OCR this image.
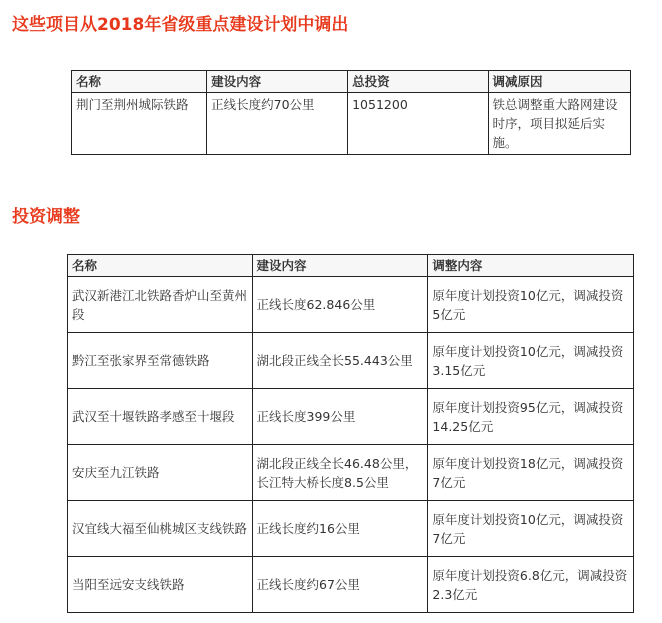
这些项目从2018年省级重点建设计划中调出
名称	建设内容	总投资	调减原因
荆门至荆州城际铁路	正线长度约70公里	1051200	铁总调整重大路网建设时序，项目拟延后实施。
投资调整
名称	建设内容	调整内容
武汉新港江北铁路香炉山至黄州段	正线长度62.846公里	原年度计划投资10亿元，调减投资5亿元
黔江至张家界至常德铁路	湖北段正线全长55.443公里	原年度计划投资10亿元，调减投资3.15亿元
武汉至十堰铁路孝感至十堰段	正线长度399公里	原年度计划投资95亿元，调减投资14.25亿元
安庆至九江铁路	湖北段正线全长46.48公里，长江特大桥长度8.5公里	原年度计划投资18亿元，调减投资7亿元
汉宜线大福至仙桃城区支线铁路	正线长度约16公里	原年度计划投资10亿元，调减投资7亿元
当阳至远安支线铁路	正线长度约67公里	原年度计划投资6.8亿元，调减投资2.3亿元
